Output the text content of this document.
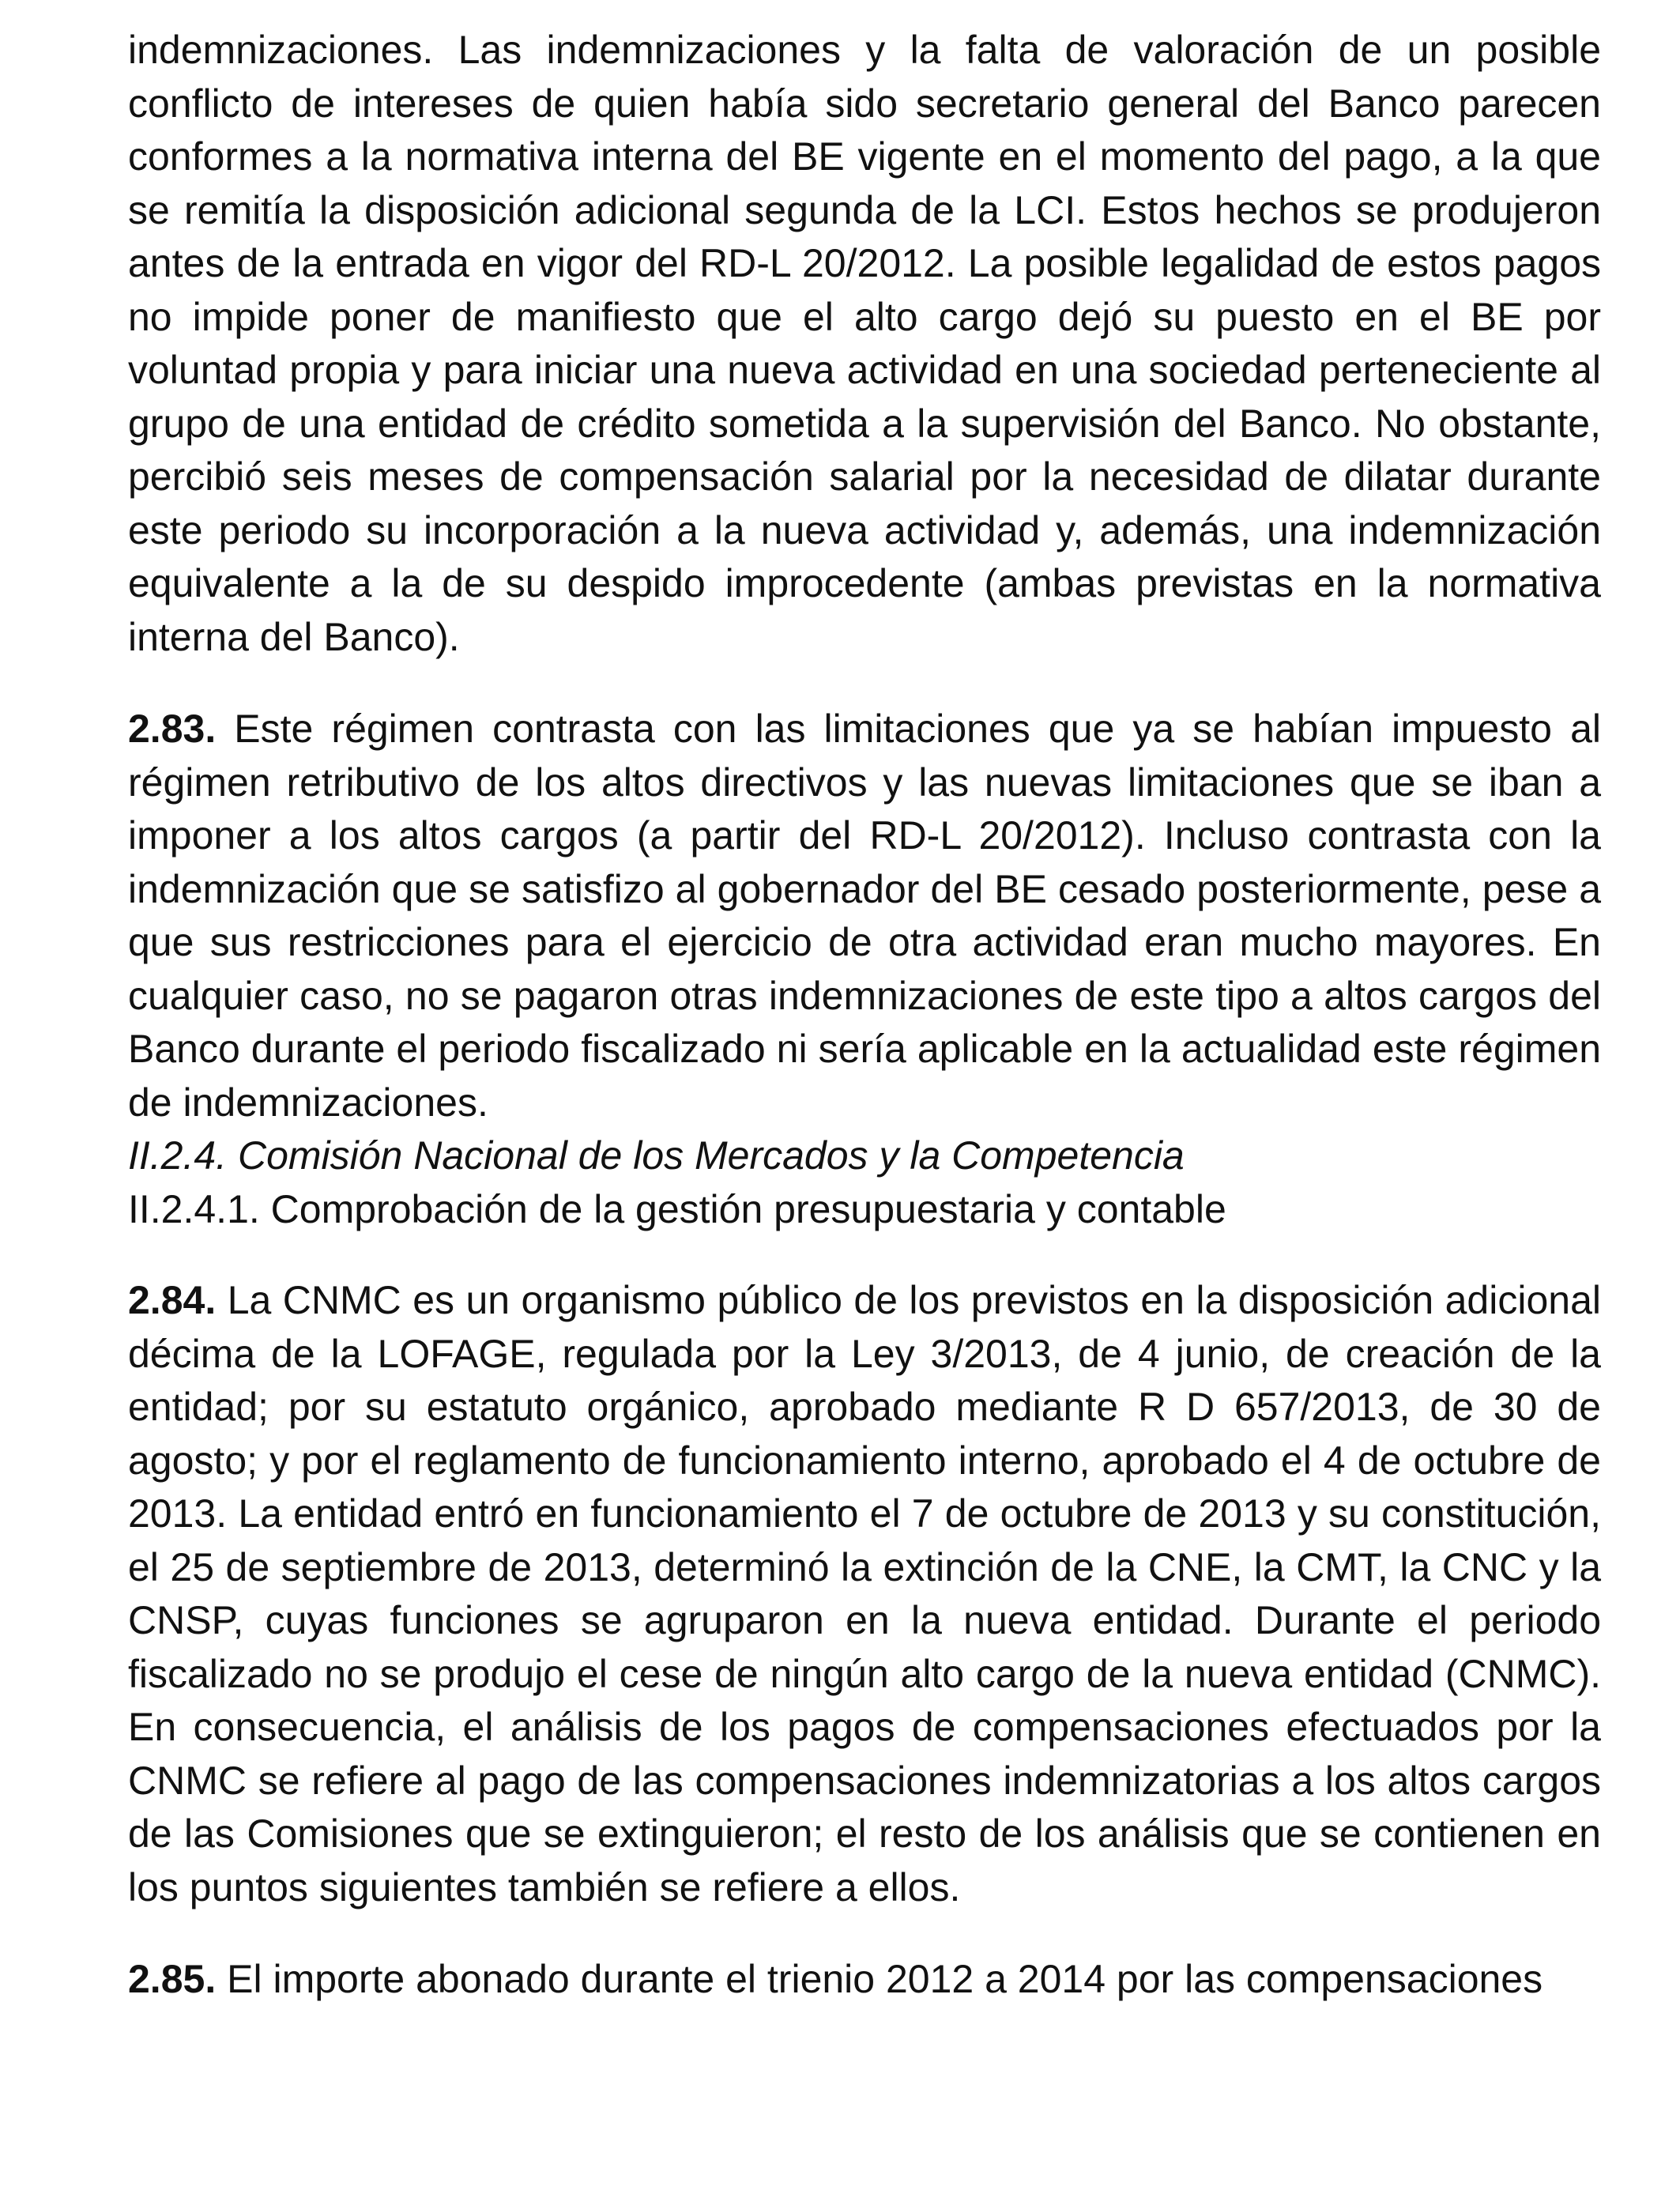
indemnizaciones. Las indemnizaciones y la falta de valoración de un posible conflicto de intereses de quien había sido secretario general del Banco parecen conformes a la normativa interna del BE vigente en el momento del pago, a la que se remitía la disposición adicional segunda de la LCI. Estos hechos se produjeron antes de la entrada en vigor del RD-L 20/2012. La posible legalidad de estos pagos no impide poner de manifiesto que el alto cargo dejó su puesto en el BE por voluntad propia y para iniciar una nueva actividad en una sociedad perteneciente al grupo de una entidad de crédito sometida a la supervisión del Banco. No obstante, percibió seis meses de compensación salarial por la necesidad de dilatar durante este periodo su incorporación a la nueva actividad y, además, una indemnización equivalente a la de su despido improcedente (ambas previstas en la normativa interna del Banco).

2.83. Este régimen contrasta con las limitaciones que ya se habían impuesto al régimen retributivo de los altos directivos y las nuevas limitaciones que se iban a imponer a los altos cargos (a partir del RD-L 20/2012). Incluso contrasta con la indemnización que se satisfizo al gobernador del BE cesado posteriormente, pese a que sus restricciones para el ejercicio de otra actividad eran mucho mayores. En cualquier caso, no se pagaron otras indemnizaciones de este tipo a altos cargos del Banco durante el periodo fiscalizado ni sería aplicable en la actualidad este régimen de indemnizaciones.

II.2.4. Comisión Nacional de los Mercados y la Competencia
II.2.4.1. Comprobación de la gestión presupuestaria y contable

2.84. La CNMC es un organismo público de los previstos en la disposición adicional décima de la LOFAGE, regulada por la Ley 3/2013, de 4 junio, de creación de la entidad; por su estatuto orgánico, aprobado mediante R D 657/2013, de 30 de agosto; y por el reglamento de funcionamiento interno, aprobado el 4 de octubre de 2013. La entidad entró en funcionamiento el 7 de octubre de 2013 y su constitución, el 25 de septiembre de 2013, determinó la extinción de la CNE, la CMT, la CNC y la CNSP, cuyas funciones se agruparon en la nueva entidad. Durante el periodo fiscalizado no se produjo el cese de ningún alto cargo de la nueva entidad (CNMC). En consecuencia, el análisis de los pagos de compensaciones efectuados por la CNMC se refiere al pago de las compensaciones indemnizatorias a los altos cargos de las Comisiones que se extinguieron; el resto de los análisis que se contienen en los puntos siguientes también se refiere a ellos.

2.85. El importe abonado durante el trienio 2012 a 2014 por las compensaciones
